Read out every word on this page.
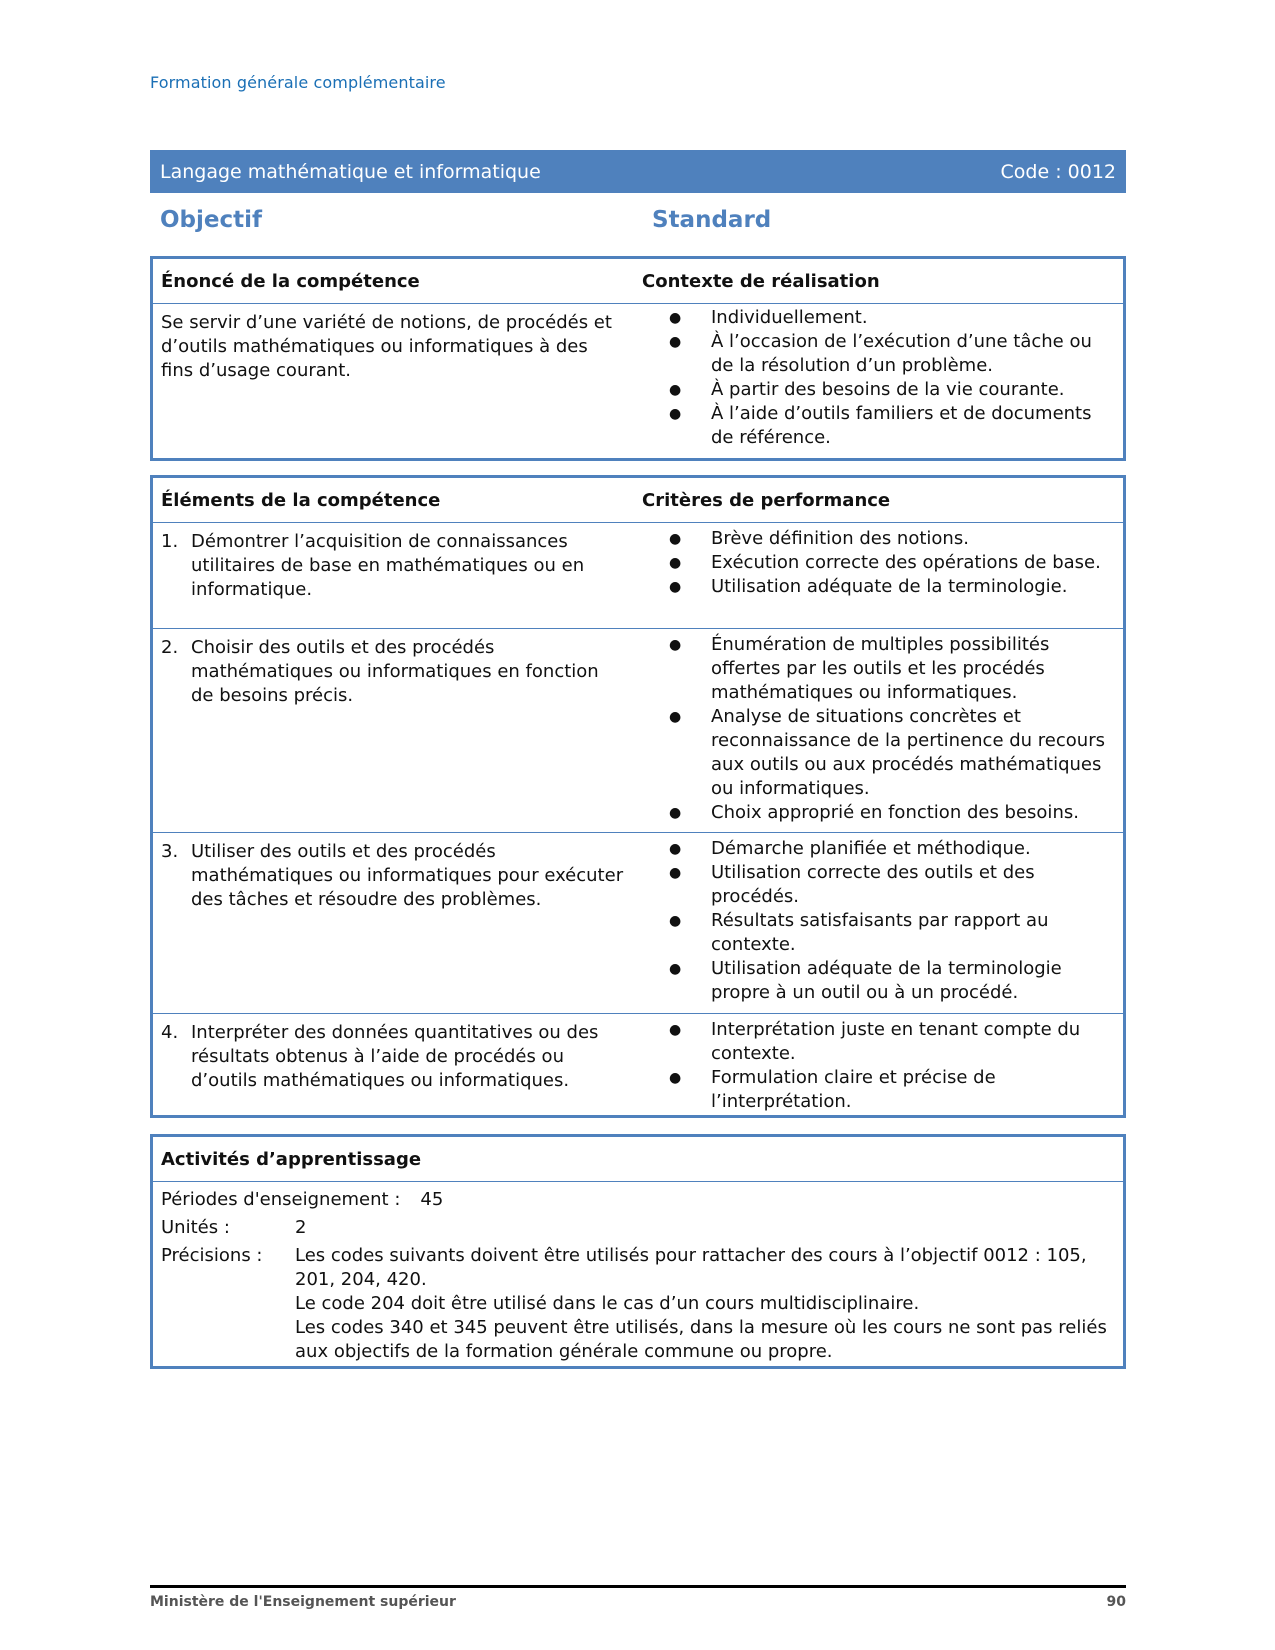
Formation générale complémentaire
Langage mathématique et informatique	Code : 0012
Objectif	Standard
Énoncé de la compétence	Contexte de réalisation
Se servir d’une variété de notions, de procédés et d’outils mathématiques ou informatiques à des fins d’usage courant.
●	Individuellement.
●	À l’occasion de l’exécution d’une tâche ou de la résolution d’un problème.
●	À partir des besoins de la vie courante.
●	À l’aide d’outils familiers et de documents de référence.
Éléments de la compétence	Critères de performance
1. Démontrer l’acquisition de connaissances utilitaires de base en mathématiques ou en informatique.
●	Brève définition des notions.
●	Exécution correcte des opérations de base.
●	Utilisation adéquate de la terminologie.
2. Choisir des outils et des procédés mathématiques ou informatiques en fonction de besoins précis.
●	Énumération de multiples possibilités offertes par les outils et les procédés mathématiques ou informatiques.
●	Analyse de situations concrètes et reconnaissance de la pertinence du recours aux outils ou aux procédés mathématiques ou informatiques.
●	Choix approprié en fonction des besoins.
3. Utiliser des outils et des procédés mathématiques ou informatiques pour exécuter des tâches et résoudre des problèmes.
●	Démarche planifiée et méthodique.
●	Utilisation correcte des outils et des procédés.
●	Résultats satisfaisants par rapport au contexte.
●	Utilisation adéquate de la terminologie propre à un outil ou à un procédé.
4. Interpréter des données quantitatives ou des résultats obtenus à l’aide de procédés ou d’outils mathématiques ou informatiques.
●	Interprétation juste en tenant compte du contexte.
●	Formulation claire et précise de l’interprétation.
Activités d’apprentissage
Périodes d'enseignement :	45
Unités :	2
Précisions :	Les codes suivants doivent être utilisés pour rattacher des cours à l’objectif 0012 : 105, 201, 204, 420.

Le code 204 doit être utilisé dans le cas d’un cours multidisciplinaire.

Les codes 340 et 345 peuvent être utilisés, dans la mesure où les cours ne sont pas reliés aux objectifs de la formation générale commune ou propre.

Ministère de l'Enseignement supérieur	90
